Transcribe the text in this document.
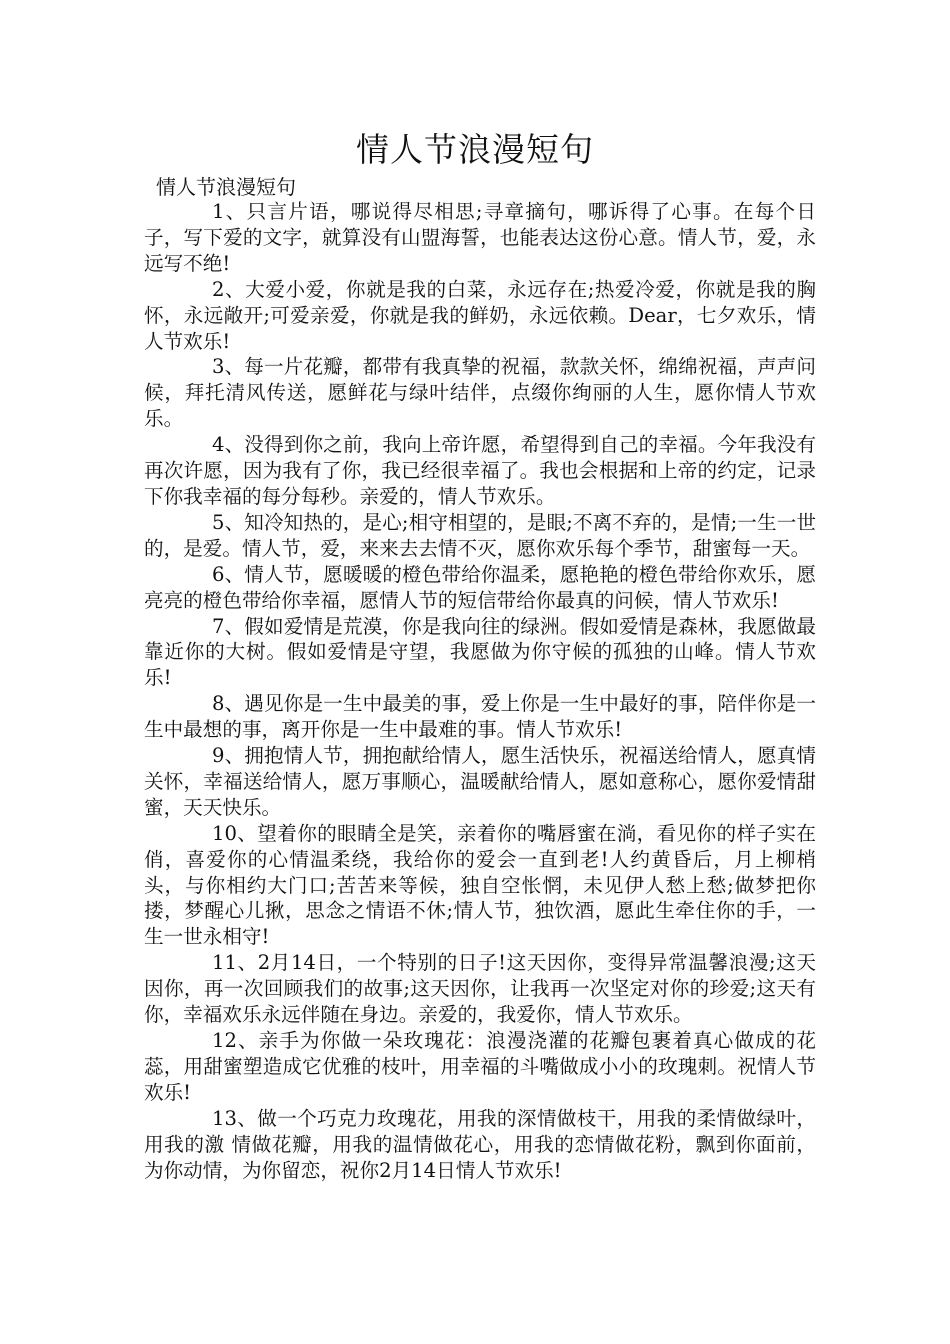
情人节浪漫短句
情人节浪漫短句

1、只言片语，哪说得尽相思;寻章摘句，哪诉得了心事。在每个日子，写下爱的文字，就算没有山盟海誓，也能表达这份心意。情人节，爱，永远写不绝!

2、大爱小爱，你就是我的白菜，永远存在;热爱冷爱，你就是我的胸怀，永远敞开;可爱亲爱，你就是我的鲜奶，永远依赖。Dear，七夕欢乐，情人节欢乐!

3、每一片花瓣，都带有我真挚的祝福，款款关怀，绵绵祝福，声声问候，拜托清风传送，愿鲜花与绿叶结伴，点缀你绚丽的人生，愿你情人节欢乐。

4、没得到你之前，我向上帝许愿，希望得到自己的幸福。今年我没有再次许愿，因为我有了你，我已经很幸福了。我也会根据和上帝的约定，记录下你我幸福的每分每秒。亲爱的，情人节欢乐。

5、知冷知热的，是心;相守相望的，是眼;不离不弃的，是情;一生一世的，是爱。情人节，爱，来来去去情不灭，愿你欢乐每个季节，甜蜜每一天。

6、情人节，愿暖暖的橙色带给你温柔，愿艳艳的橙色带给你欢乐，愿亮亮的橙色带给你幸福，愿情人节的短信带给你最真的问候，情人节欢乐!

7、假如爱情是荒漠，你是我向往的绿洲。假如爱情是森林，我愿做最靠近你的大树。假如爱情是守望，我愿做为你守候的孤独的山峰。情人节欢乐!

8、遇见你是一生中最美的事，爱上你是一生中最好的事，陪伴你是一生中最想的事，离开你是一生中最难的事。情人节欢乐!

9、拥抱情人节，拥抱献给情人，愿生活快乐，祝福送给情人，愿真情关怀，幸福送给情人，愿万事顺心，温暖献给情人，愿如意称心，愿你爱情甜蜜，天天快乐。

10、望着你的眼睛全是笑，亲着你的嘴唇蜜在淌，看见你的样子实在俏，喜爱你的心情温柔绕，我给你的爱会一直到老!人约黄昏后，月上柳梢头，与你相约大门口;苦苦来等候，独自空怅惘，未见伊人愁上愁;做梦把你搂，梦醒心儿揪，思念之情语不休;情人节，独饮酒，愿此生牵住你的手，一生一世永相守!

11、2月14日，一个特别的日子!这天因你，变得异常温馨浪漫;这天因你，再一次回顾我们的故事;这天因你，让我再一次坚定对你的珍爱;这天有你，幸福欢乐永远伴随在身边。亲爱的，我爱你，情人节欢乐。

12、亲手为你做一朵玫瑰花：浪漫浇灌的花瓣包裹着真心做成的花蕊，用甜蜜塑造成它优雅的枝叶，用幸福的斗嘴做成小小的玫瑰刺。祝情人节欢乐!

13、做一个巧克力玫瑰花，用我的深情做枝干，用我的柔情做绿叶，用我的激 情做花瓣，用我的温情做花心，用我的恋情做花粉，飘到你面前，为你动情，为你留恋，祝你2月14日情人节欢乐!
